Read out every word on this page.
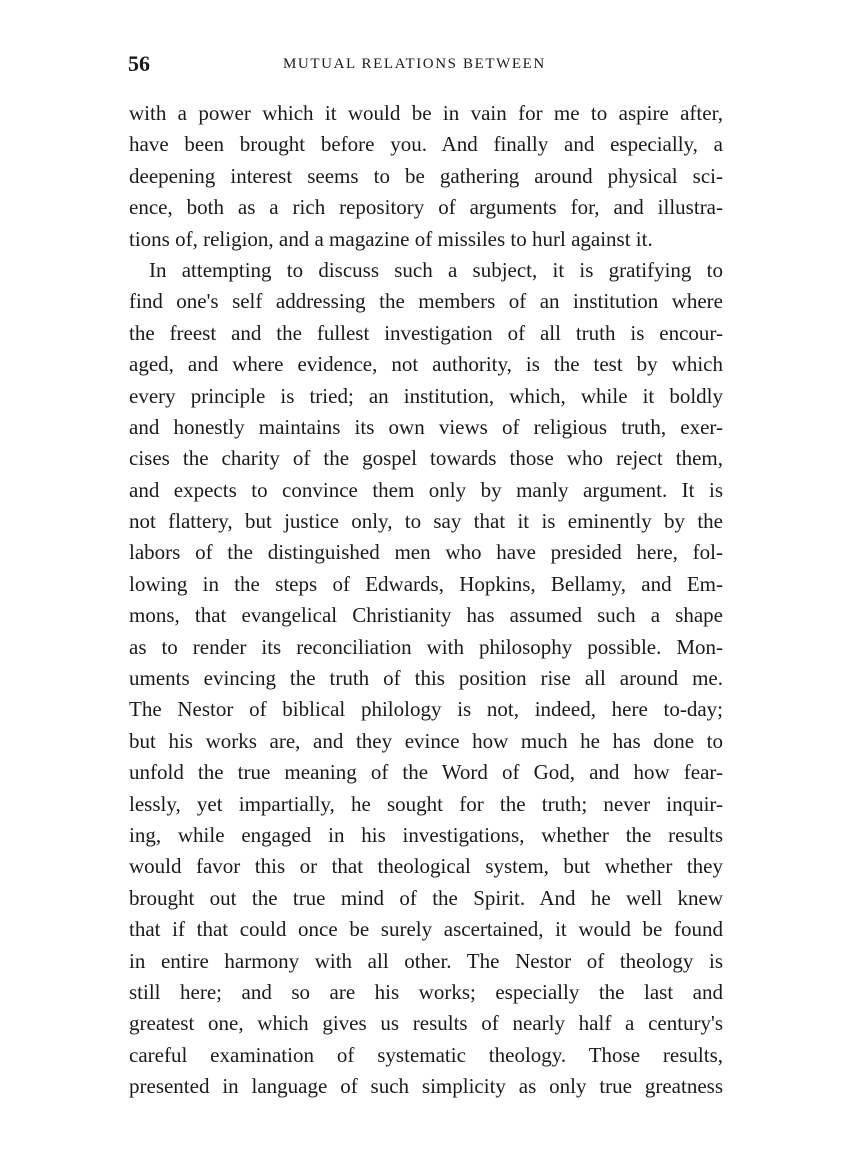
56	MUTUAL RELATIONS BETWEEN
with a power which it would be in vain for me to aspire after,
have been brought before you. And finally and especially, a
deepening interest seems to be gathering around physical sci-
ence, both as a rich repository of arguments for, and illustra-
tions of, religion, and a magazine of missiles to hurl against it.
In attempting to discuss such a subject, it is gratifying to
find one's self addressing the members of an institution where
the freest and the fullest investigation of all truth is encour-
aged, and where evidence, not authority, is the test by which
every principle is tried; an institution, which, while it boldly
and honestly maintains its own views of religious truth, exer-
cises the charity of the gospel towards those who reject them,
and expects to convince them only by manly argument. It is
not flattery, but justice only, to say that it is eminently by the
labors of the distinguished men who have presided here, fol-
lowing in the steps of Edwards, Hopkins, Bellamy, and Em-
mons, that evangelical Christianity has assumed such a shape
as to render its reconciliation with philosophy possible. Mon-
uments evincing the truth of this position rise all around me.
The Nestor of biblical philology is not, indeed, here to-day;
but his works are, and they evince how much he has done to
unfold the true meaning of the Word of God, and how fear-
lessly, yet impartially, he sought for the truth; never inquir-
ing, while engaged in his investigations, whether the results
would favor this or that theological system, but whether they
brought out the true mind of the Spirit. And he well knew
that if that could once be surely ascertained, it would be found
in entire harmony with all other. The Nestor of theology is
still here; and so are his works; especially the last and
greatest one, which gives us results of nearly half a century's
careful examination of systematic theology. Those results,
presented in language of such simplicity as only true greatness
